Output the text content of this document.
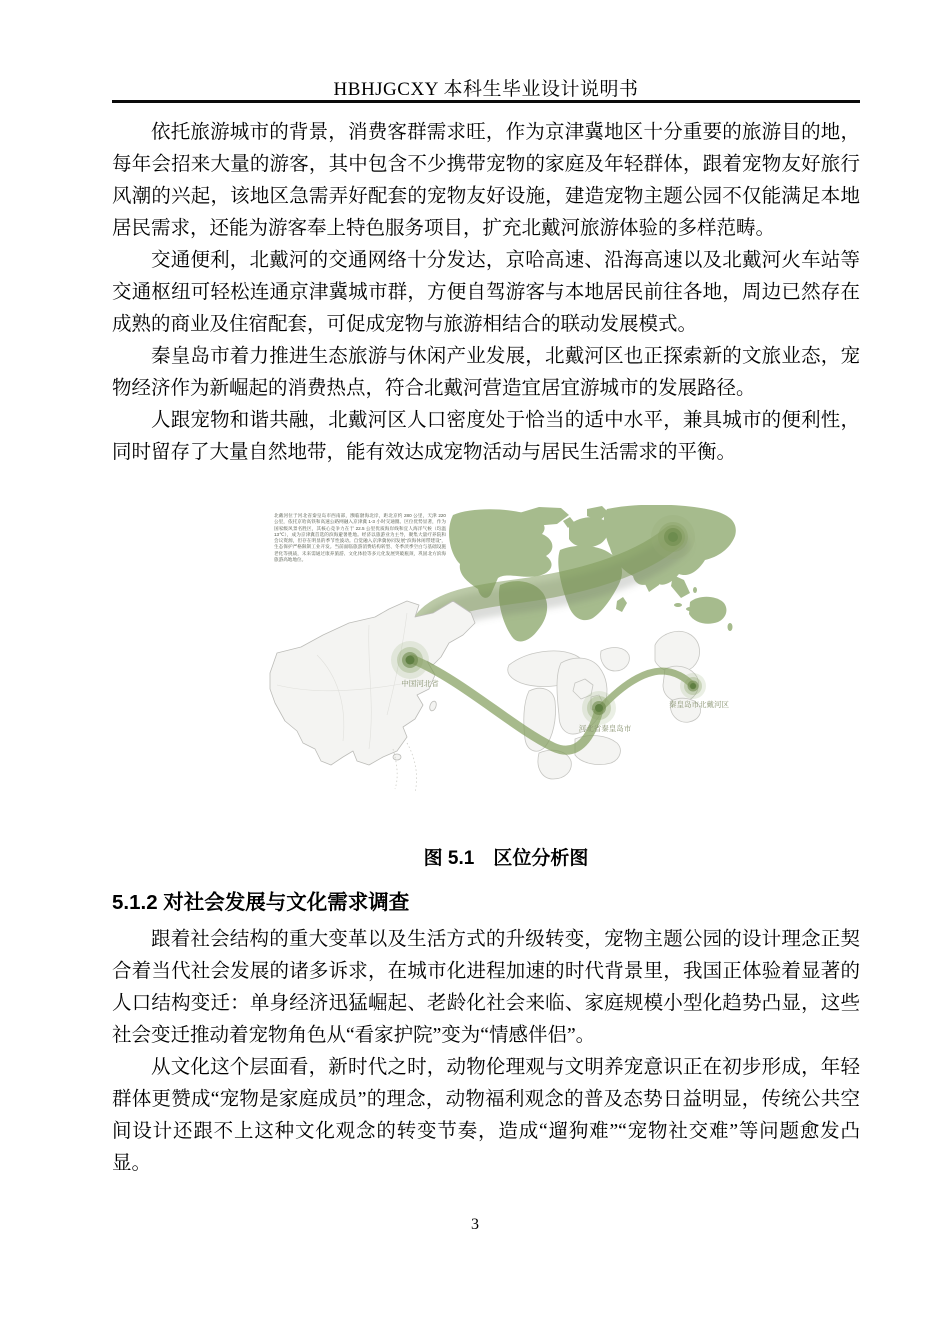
HBHJGCXY 本科生毕业设计说明书

依托旅游城市的背景，消费客群需求旺，作为京津冀地区十分重要的旅游目的地，每年会招来大量的游客，其中包含不少携带宠物的家庭及年轻群体，跟着宠物友好旅行风潮的兴起，该地区急需弄好配套的宠物友好设施，建造宠物主题公园不仅能满足本地居民需求，还能为游客奉上特色服务项目，扩充北戴河旅游体验的多样范畴。

交通便利，北戴河的交通网络十分发达，京哈高速、沿海高速以及北戴河火车站等交通枢纽可轻松连通京津冀城市群，方便自驾游客与本地居民前往各地，周边已然存在成熟的商业及住宿配套，可促成宠物与旅游相结合的联动发展模式。

秦皇岛市着力推进生态旅游与休闲产业发展，北戴河区也正探索新的文旅业态，宠物经济作为新崛起的消费热点，符合北戴河营造宜居宜游城市的发展路径。

人跟宠物和谐共融，北戴河区人口密度处于恰当的适中水平，兼具城市的便利性，同时留存了大量自然地带，能有效达成宠物活动与居民生活需求的平衡。

北戴河位于河北省秦皇岛市西南部，濒临渤海北岸，距北京约 280 公里，天津 220 公里，依托京哈高铁和高速公路网融入京津冀 1-3 小时交通圈。区位优势显著，作为国家级风景名胜区，其核心竞争力在于 22.5 公里优质海岸线和宜人海洋气候（均温 13℃），成为京津冀首选的滨海避暑胜地。经济以旅游业为主导，聚集大量疗养院和会议资源，但存在明显的季节性波动。自觉融入京津冀协同发展“滨海休闲带建设”，生态保护严格限制工业开发。当前面临旅游消费结构转型、冬季淡季空白与基础设施老化等挑战，未来需通过康养旅游、文化体验等多元化发展突破瓶颈，巩固北方滨海旅游高地地位。
中国河北省
河北省秦皇岛市
秦皇岛市北戴河区
图 5.1　区位分析图
5.1.2 对社会发展与文化需求调查

跟着社会结构的重大变革以及生活方式的升级转变，宠物主题公园的设计理念正契合着当代社会发展的诸多诉求，在城市化进程加速的时代背景里，我国正体验着显著的人口结构变迁：单身经济迅猛崛起、老龄化社会来临、家庭规模小型化趋势凸显，这些社会变迁推动着宠物角色从“看家护院”变为“情感伴侣”。

从文化这个层面看，新时代之时，动物伦理观与文明养宠意识正在初步形成，年轻群体更赞成“宠物是家庭成员”的理念，动物福利观念的普及态势日益明显，传统公共空间设计还跟不上这种文化观念的转变节奏，造成“遛狗难”“宠物社交难”等问题愈发凸显。

3
